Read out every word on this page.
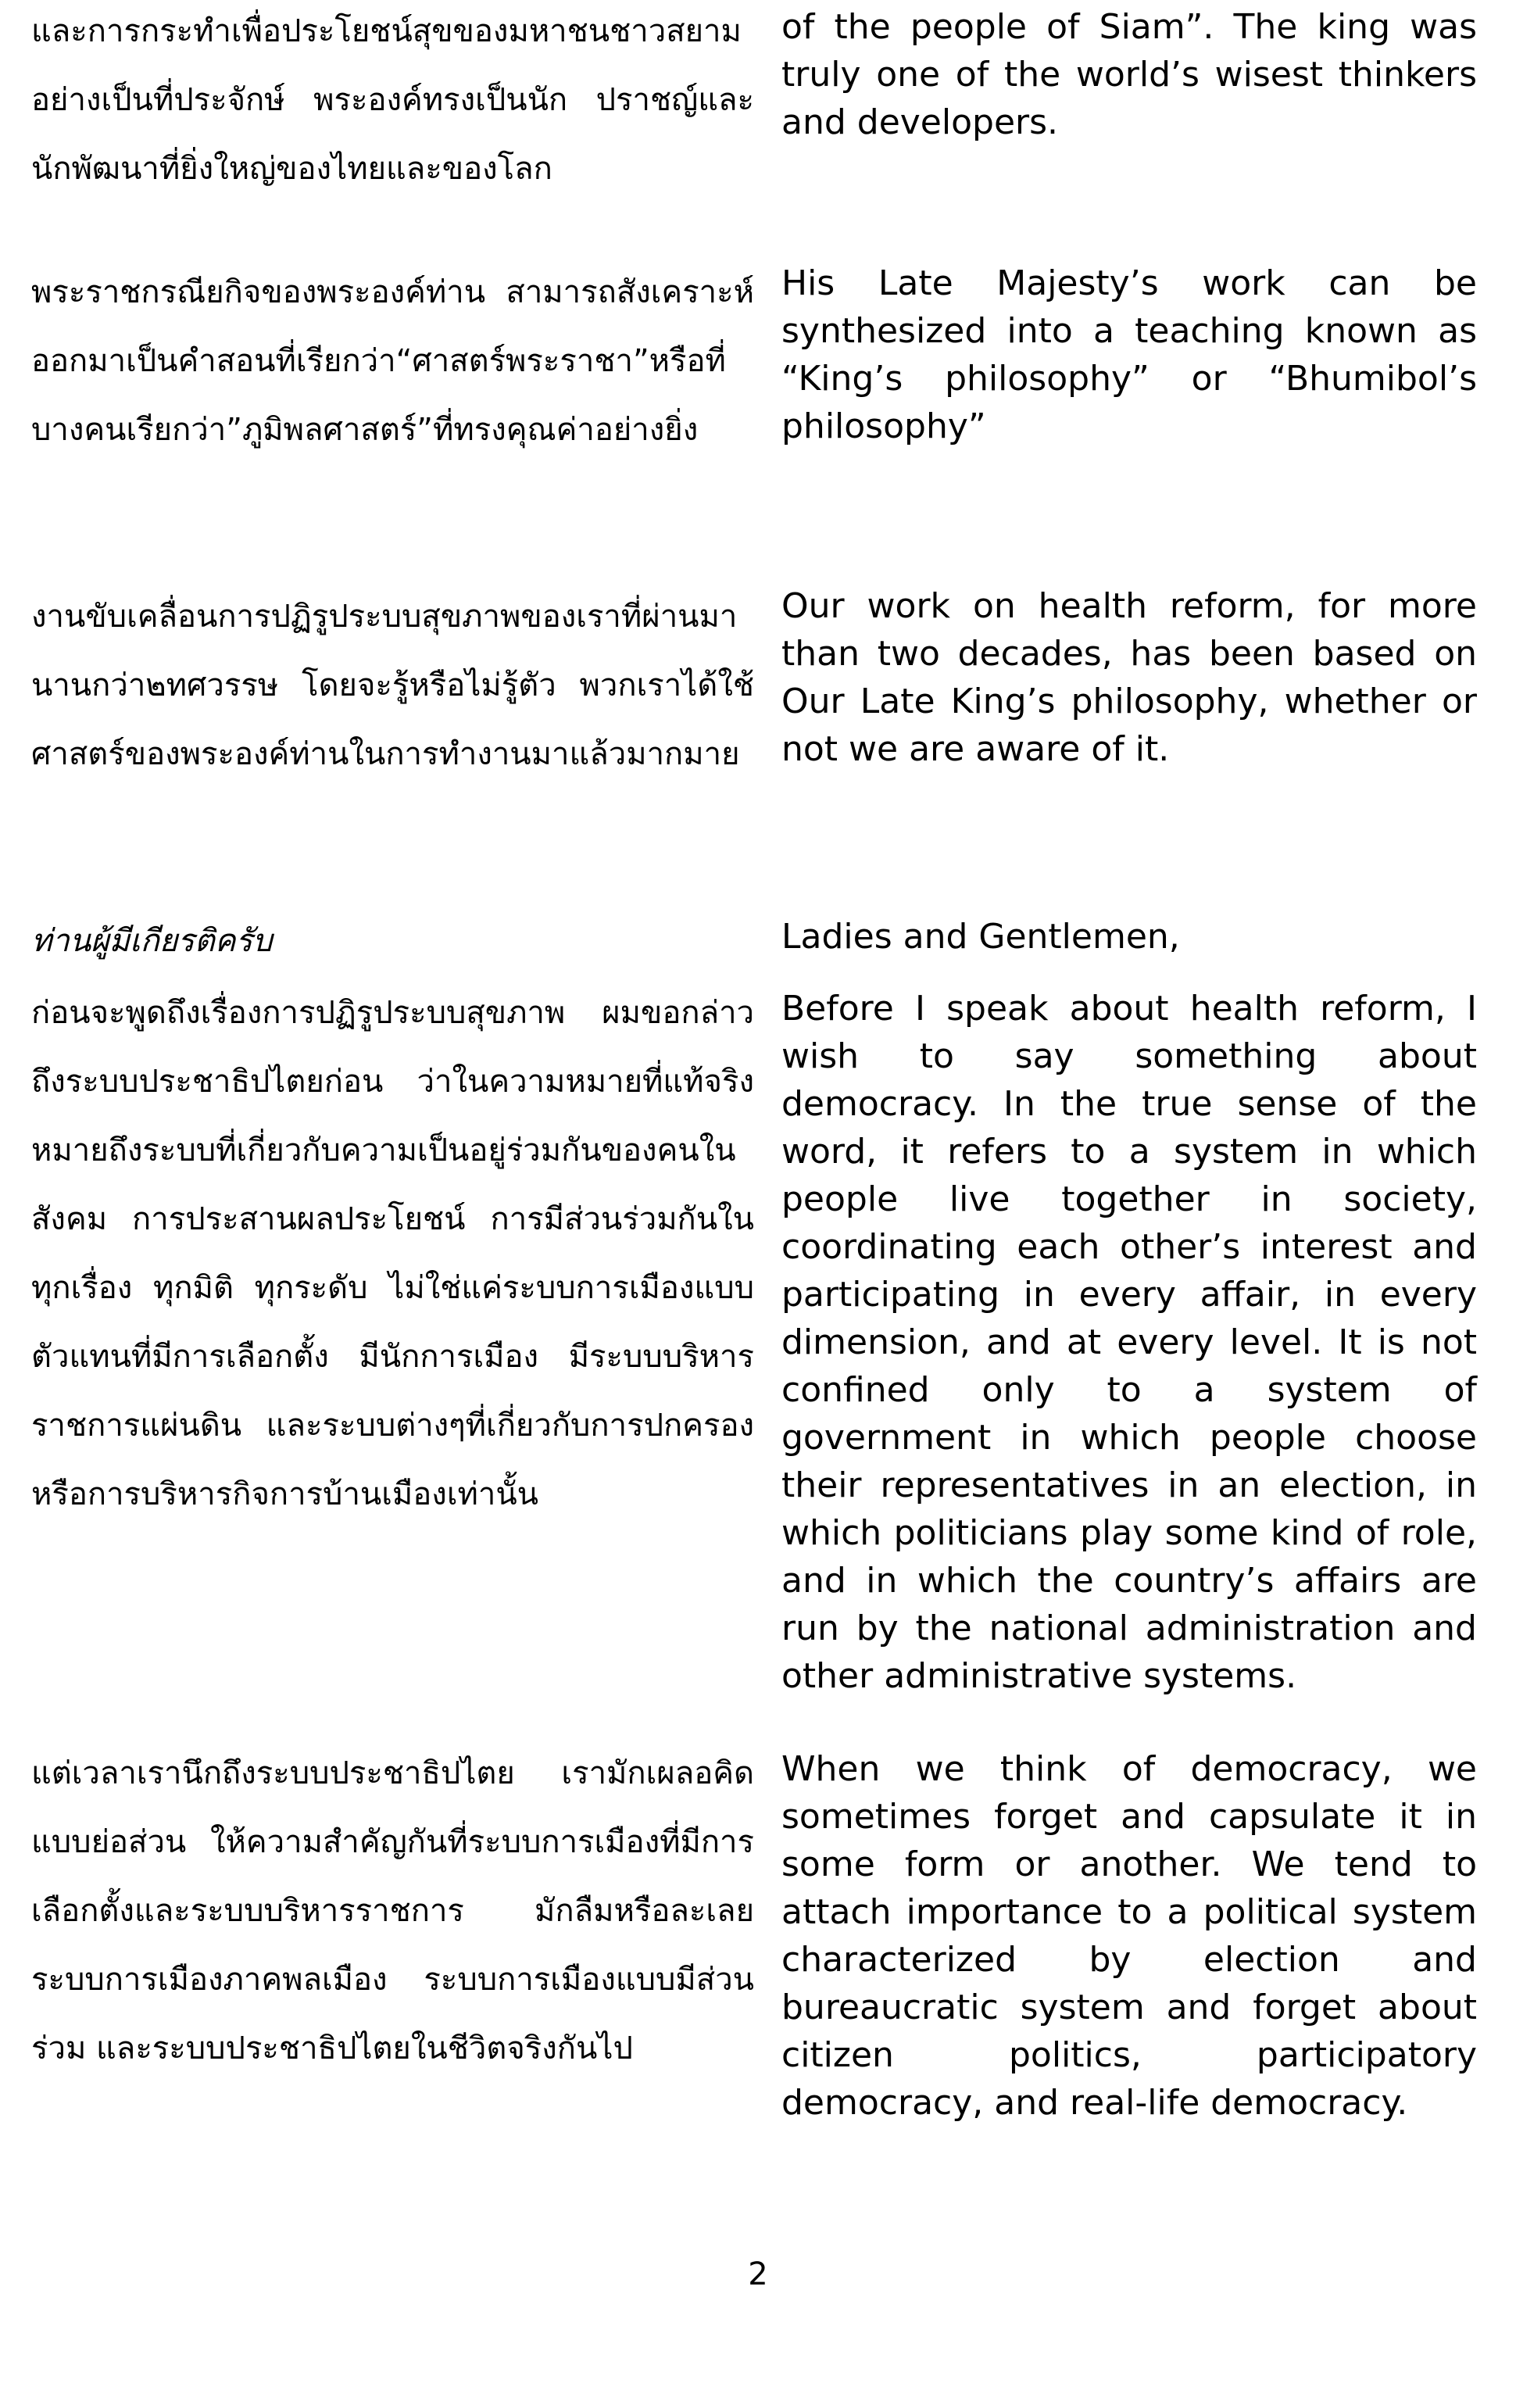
และการกระทำเพื่อประโยชน์สุขของมหาชนชาวสยามอย่างเป็นที่ประจักษ์ พระองค์ทรงเป็นนัก ปราชญ์และนักพัฒนาที่ยิ่งใหญ่ของไทยและของโลก
of the people of Siam”. The king was truly one of the world’s wisest thinkers and developers.
พระราชกรณียกิจของพระองค์ท่าน สามารถสังเคราะห์ออกมาเป็นคำสอนที่เรียกว่า“ศาสตร์พระราชา”หรือที่บางคนเรียกว่า”ภูมิพลศาสตร์”ที่ทรงคุณค่าอย่างยิ่ง
His Late Majesty’s work can be synthesized into a teaching known as “King’s philosophy” or “Bhumibol’s philosophy”
งานขับเคลื่อนการปฏิรูประบบสุขภาพของเราที่ผ่านมานานกว่า๒ทศวรรษ โดยจะรู้หรือไม่รู้ตัว พวกเราได้ใช้ศาสตร์ของพระองค์ท่านในการทำงานมาแล้วมากมาย
Our work on health reform, for more than two decades, has been based on Our Late King’s philosophy, whether or not we are aware of it.
ท่านผู้มีเกียรติครับ	Ladies and Gentlemen,
ก่อนจะพูดถึงเรื่องการปฏิรูประบบสุขภาพ ผมขอกล่าวถึงระบบประชาธิปไตยก่อน ว่าในความหมายที่แท้จริง หมายถึงระบบที่เกี่ยวกับความเป็นอยู่ร่วมกันของคนในสังคม การประสานผลประโยชน์ การมีส่วนร่วมกันในทุกเรื่อง ทุกมิติ ทุกระดับ ไม่ใช่แค่ระบบการเมืองแบบตัวแทนที่มีการเลือกตั้ง มีนักการเมือง มีระบบบริหารราชการแผ่นดิน และระบบต่างๆที่เกี่ยวกับการปกครองหรือการบริหารกิจการบ้านเมืองเท่านั้น
Before I speak about health reform, I wish to say something about democracy. In the true sense of the word, it refers to a system in which people live together in society, coordinating each other’s interest and participating in every affair, in every dimension, and at every level. It is not confined only to a system of government in which people choose their representatives in an election, in which politicians play some kind of role, and in which the country’s affairs are run by the national administration and other administrative systems.
แต่เวลาเรานึกถึงระบบประชาธิปไตย เรามักเผลอคิดแบบย่อส่วน ให้ความสำคัญกันที่ระบบการเมืองที่มีการเลือกตั้งและระบบบริหารราชการ มักลืมหรือละเลยระบบการเมืองภาคพลเมือง ระบบการเมืองแบบมีส่วนร่วม และระบบประชาธิปไตยในชีวิตจริงกันไป
When we think of democracy, we sometimes forget and capsulate it in some form or another. We tend to attach importance to a political system characterized by election and bureaucratic system and forget about citizen politics, participatory democracy, and real-life democracy.
2
